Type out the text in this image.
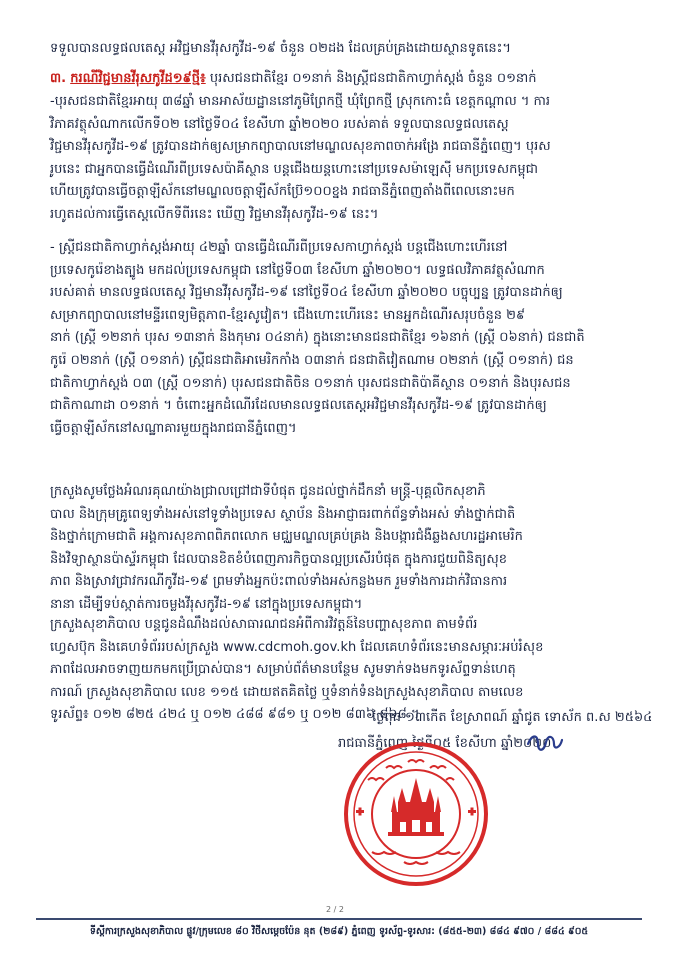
ទទួលបានលទ្ធផលតេស្ត អវិជ្ជមានវីរុសកូវីដ-១៩ ចំនួន ០២ដង ដែលគ្រប់គ្រងដោយស្ថានទូតនេះ។

៣. ករណីវិជ្ជមានវីរុសកូវីដ១៩ថ្មី៖ បុរសជនជាតិខ្មែរ ០១នាក់ និងស្ត្រីជនជាតិកាហ្វាក់ស្តង់ ចំនួន ០១នាក់

-បុរសជនជាតិខ្មែរអាយុ ៣៨ឆ្នាំ មានអាស័យដ្ឋាននៅភូមិព្រែកថ្មី ឃុំព្រែកថ្មី ស្រុកកោះធំ ខេត្តកណ្តាល ។ ការ
វិភាគវត្ថុសំណាកលើកទី០២ នៅថ្ងៃទី០៤ ខែសីហា ឆ្នាំ២០២០ របស់គាត់ ទទួលបានលទ្ធផលតេស្ត
វិជ្ជមានវីរុសកូវីដ-១៩ ត្រូវបានដាក់ឲ្យសម្រាកព្យាបាលនៅមណ្ឌលសុខភាពចាក់អង្រែ រាជធានីភ្នំពេញ។ បុរស
រូបនេះ ជាអ្នកបានធ្វើដំណើរពីប្រទេសប៉ាគីស្ថាន បន្តជើងយន្តហោះនៅប្រទេសម៉ាឡេស៊ី មកប្រទេសកម្ពុជា
ហើយត្រូវបានធ្វើចត្តាឡីស័កនៅមណ្ឌលចត្តាឡីស័កប្រ៊ែ១០០ខ្នង រាជធានីភ្នំពេញតាំងពីពេលនោះមក
រហូតដល់ការធ្វើតេស្តលើកទីពីរនេះ ឃើញ វិជ្ជមានវីរុសកូវីដ-១៩ នេះ។

- ស្ត្រីជនជាតិកាហ្វាក់ស្តង់អាយុ ៤២ឆ្នាំ បានធ្វើដំណើរពីប្រទេសកាហ្វាក់ស្តង់ បន្តជើងហោះហើរនៅ
ប្រទេសកូរ៉េខាងត្បូង មកដល់ប្រទេសកម្ពុជា នៅថ្ងៃទី០៣ ខែសីហា ឆ្នាំ២០២០។ លទ្ធផលវិភាគវត្ថុសំណាក
របស់គាត់ មានលទ្ធផលតេស្ត វិជ្ជមានវីរុសកូវីដ-១៩ នៅថ្ងៃទី០៤ ខែសីហា ឆ្នាំ២០២០ បច្ចុប្បន្ន ត្រូវបានដាក់ឲ្យ
សម្រាកព្យាបាលនៅមន្ទីរពេទ្យមិត្តភាព-ខ្មែរសូវៀត។ ជើងហោះហើរនេះ មានអ្នកដំណើរសរុបចំនួន ២៩
នាក់ (ស្ត្រី ១២នាក់ បុរស ១៣នាក់ និងកុមារ ០៤នាក់) ក្នុងនោះមានជនជាតិខ្មែរ ១៦នាក់ (ស្ត្រី ០៦នាក់) ជនជាតិ
កូរ៉េ ០២នាក់ (ស្ត្រី ០១នាក់) ស្ត្រីជនជាតិអាមេរិកកាំង ០៣នាក់ ជនជាតិវៀតណាម ០២នាក់ (ស្ត្រី ០១នាក់) ជន
ជាតិកាហ្វាក់ស្តង់ ០៣ (ស្ត្រី ០១នាក់) បុរសជនជាតិចិន ០១នាក់ បុរសជនជាតិប៉ាគីស្ថាន ០១នាក់ និងបុរសជន
ជាតិកាណាដា ០១នាក់ ។ ចំពោះអ្នកដំណើរដែលមានលទ្ធផលតេស្តអវិជ្ជមានវីរុសកូវីដ-១៩ ត្រូវបានដាក់ឲ្យ
ធ្វើចត្តាឡីស័កនៅសណ្ឋាគារមួយក្នុងរាជធានីភ្នំពេញ។

ក្រសួងសូមថ្លែងអំណរគុណយ៉ាងជ្រាលជ្រៅជាទីបំផុត ជូនដល់ថ្នាក់ដឹកនាំ មន្ត្រី-បុគ្គលិកសុខាភិ
បាល និងក្រុមគ្រូពេទ្យទាំងអស់នៅទូទាំងប្រទេស ស្ថាប័ន និងអាជ្ញាធរពាក់ព័ន្ធទាំងអស់ ទាំងថ្នាក់ជាតិ
និងថ្នាក់ក្រោមជាតិ អង្គការសុខភាពពិភពលោក មជ្ឈមណ្ឌលគ្រប់គ្រង និងបង្ការជំងឺឆ្លងសហរដ្ឋអាមេរិក
និងវិទ្យាស្ថានប៉ាស្ទ័រកម្ពុជា ដែលបានខិតខំបំពេញភារកិច្ចបានល្អប្រសើរបំផុត ក្នុងការជួយពិនិត្យសុខ
ភាព និងស្រាវជ្រាវករណីកូវីដ-១៩ ព្រមទាំងអ្នកប៉ះពាល់ទាំងអស់កន្លងមក រួមទាំងការដាក់វិធានការ
នានា ដើម្បីទប់ស្កាត់ការចម្លងវីរុសកូវីដ-១៩ នៅក្នុងប្រទេសកម្ពុជា។

ក្រសួងសុខាភិបាល បន្តជូនដំណឹងដល់សាធារណជនអំពីការវិវត្តន៍នៃបញ្ហាសុខភាព តាមទំព័រ
ហ្វេសប៊ុក និងគេហទំព័ររបស់ក្រសួង www.cdcmoh.gov.kh ដែលគេហទំព័រនេះមានសម្ភារៈអប់រំសុខ
ភាពដែលអាចទាញយកមកប្រើប្រាស់បាន។ សម្រាប់ព័ត៌មានបន្ថែម សូមទាក់ទងមកទូរស័ព្ទទាន់ហេតុ
ការណ៍ ក្រសួងសុខាភិបាល លេខ ១១៥ ដោយឥតគិតថ្លៃ ឬទំនាក់ទំនងក្រសួងសុខាភិបាល តាមលេខ
ទូរស័ព្ទ៖ ០១២ ៨២៥ ៤២៤ ឬ ០១២ ៤៨៨ ៩៨១ ឬ ០១២ ៨៣៦ ៨៦៨ ។

ថ្ងៃពុធ ១៣កើត ខែស្រាពណ៍ ឆ្នាំជូត ទោស័ក ព.ស ២៥៦៤
រាជធានីភ្នំពេញ ថ្ងៃទី០៥ ខែសីហា ឆ្នាំ២០២០
2 / 2
ទីស្តីការក្រសួងសុខាភិបាល ផ្លូវ/ក្រុមលេខ ៨០ វិថីសម្តេចប៉ែន នុត (២៨៩) ភ្នំពេញ ទូរស័ព្ទ-ទូរសារ: (៨៥៥-២៣) ៨៨៤ ៩៧០ / ៨៨៤ ៩០៥
